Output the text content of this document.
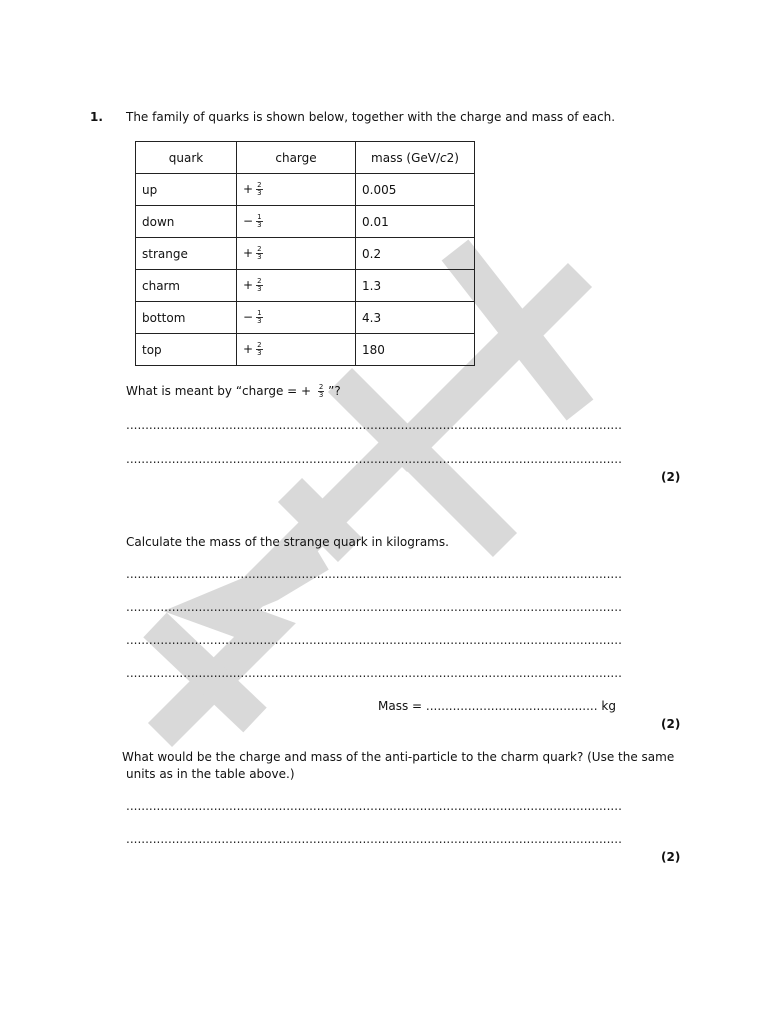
1. The family of quarks is shown below, together with the charge and mass of each.
quark	charge	mass (GeV/c2)
up	+ $\frac{2}{3}$	0.005
down	− $\frac{1}{3}$	0.01
strange	+ $\frac{2}{3}$	0.2
charm	+ $\frac{2}{3}$	1.3
bottom	− $\frac{1}{3}$	4.3
top	+ $\frac{2}{3}$	180
What is meant by “charge = + $\frac{2}{3}$ ”?
..................................................................................................................................
..................................................................................................................................
(2)
Calculate the mass of the strange quark in kilograms.
..................................................................................................................................
..................................................................................................................................
..................................................................................................................................
..................................................................................................................................
Mass = ............................................. kg
(2)
What would be the charge and mass of the anti-particle to the charm quark? (Use the same
units as in the table above.)
..................................................................................................................................
..................................................................................................................................
(2)
